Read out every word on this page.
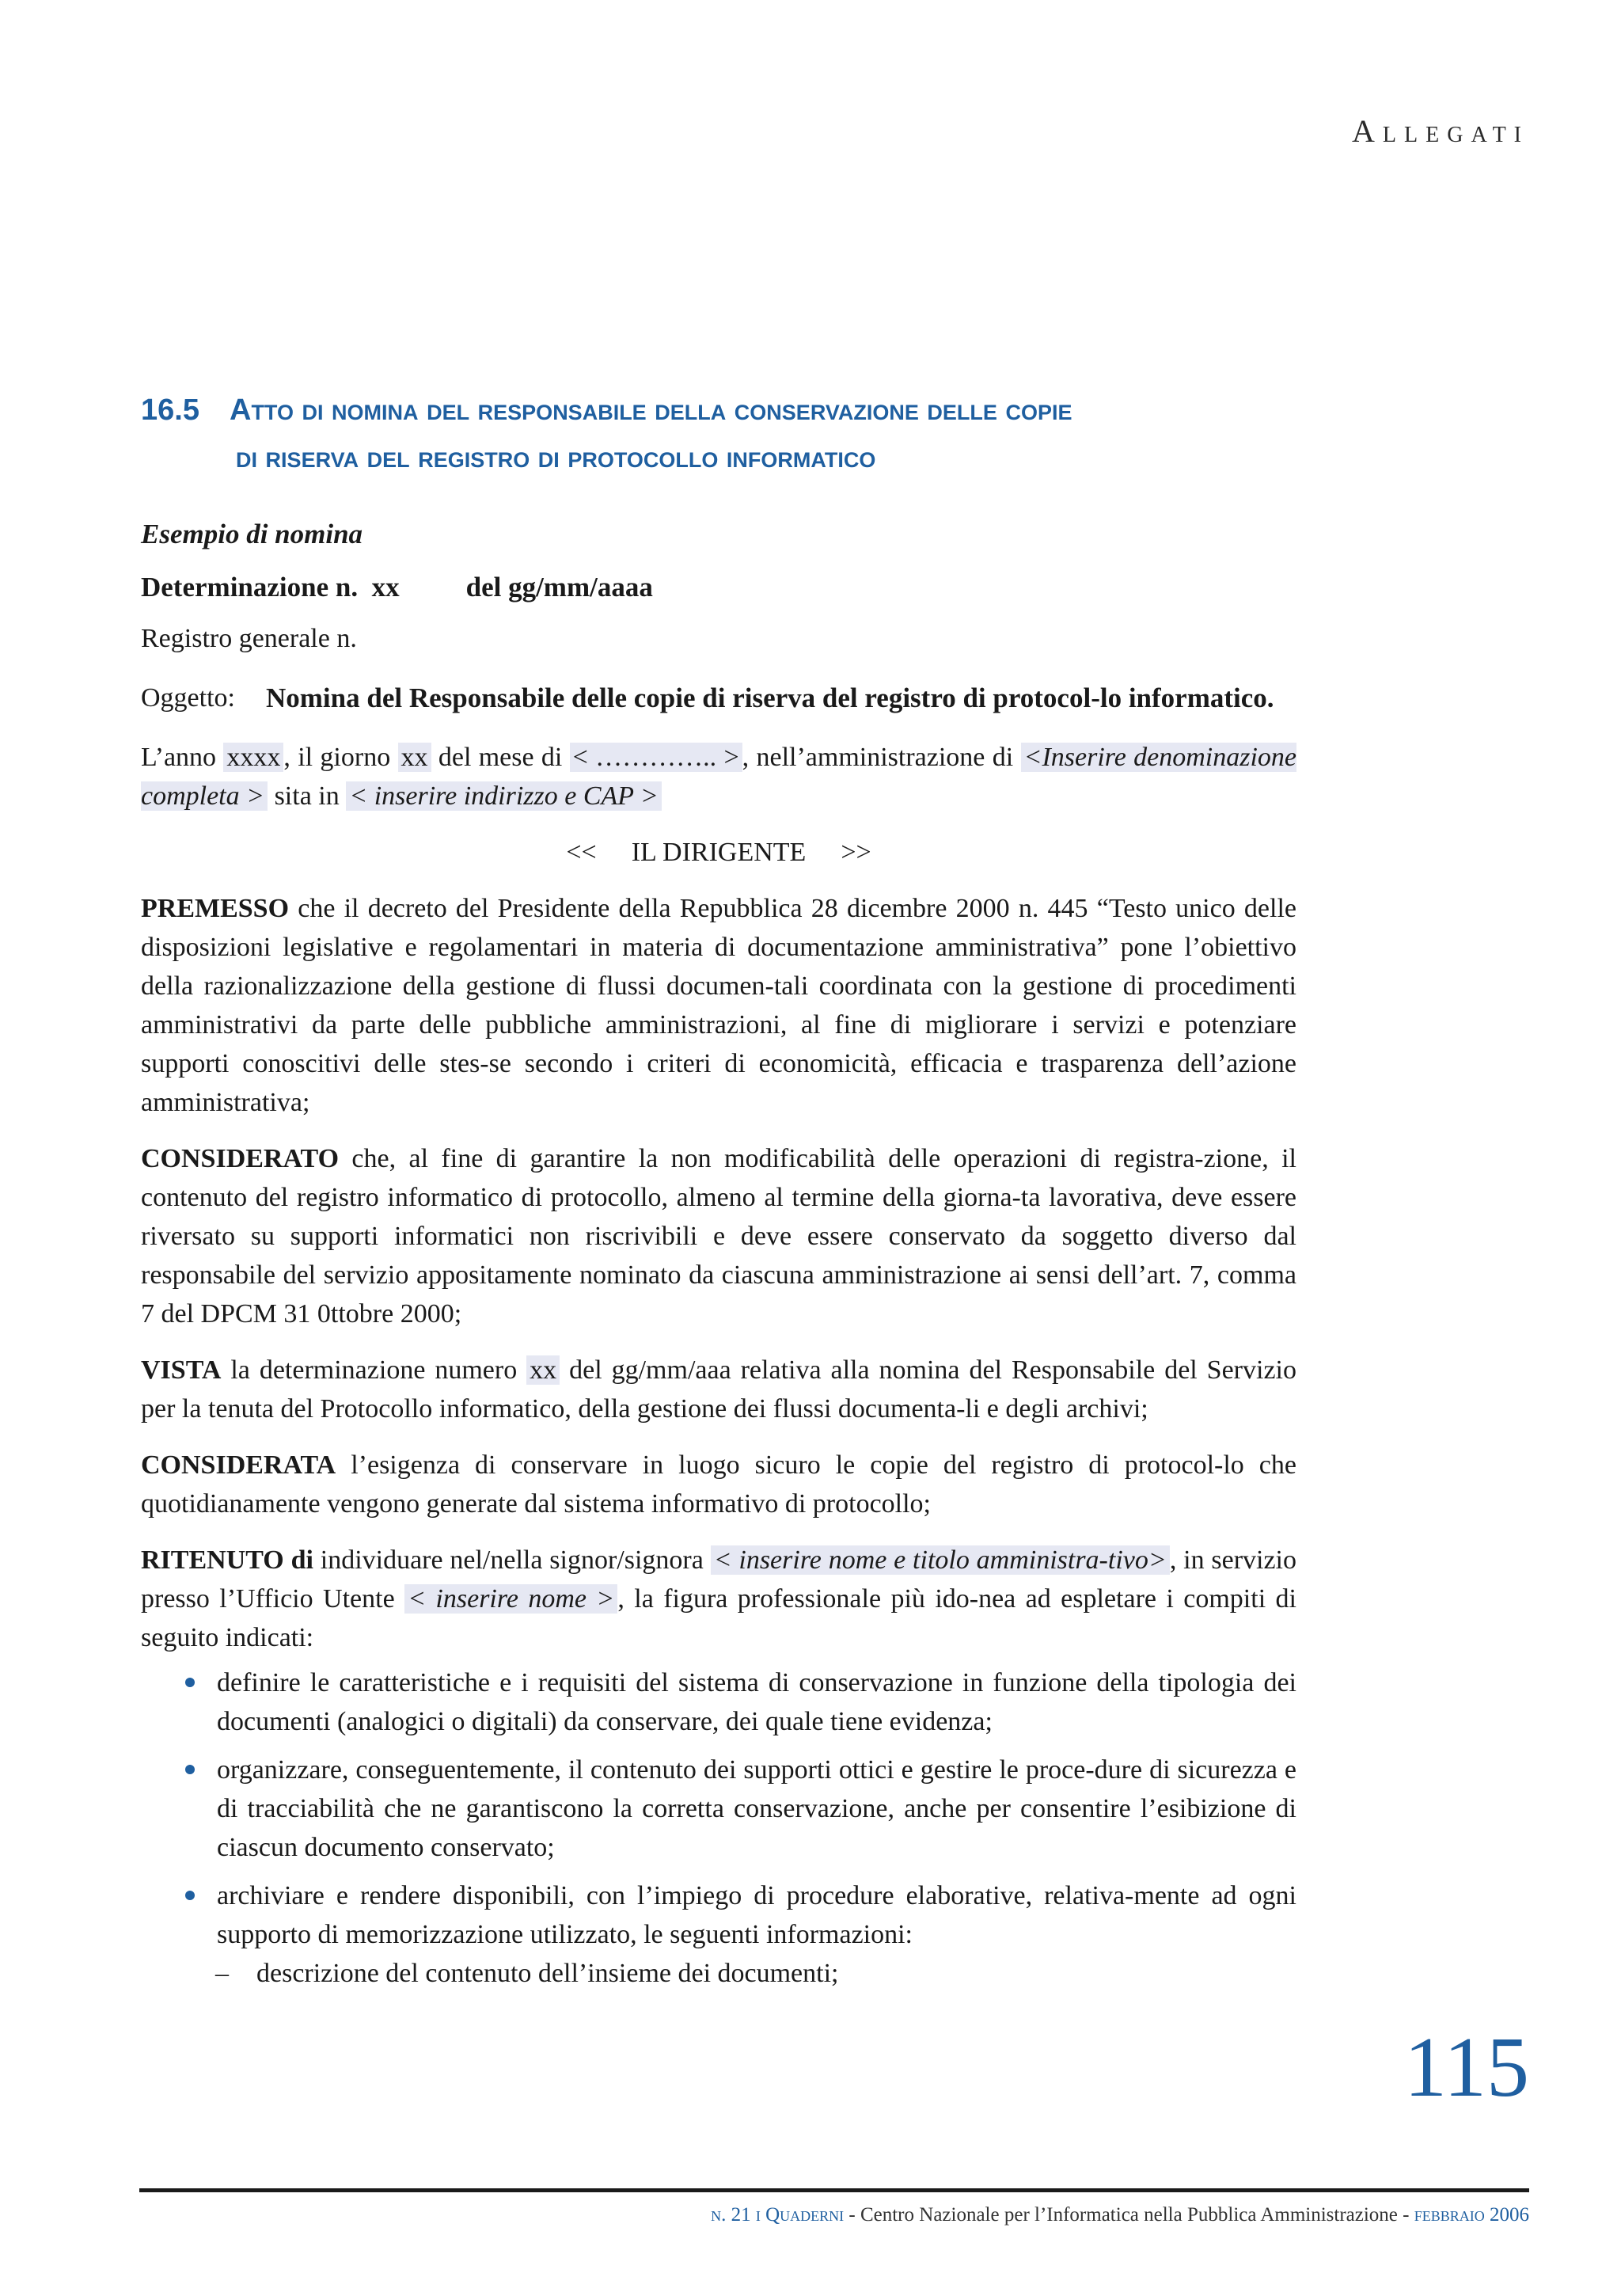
Allegati
16.5 Atto di nomina del responsabile della conservazione delle copie
di riserva del registro di protocollo informatico

Esempio di nomina

Determinazione n. xx del gg/mm/aaaa

Registro generale n.

Oggetto:	Nomina del Responsabile delle copie di riserva del registro di protocol-lo informatico.

L’anno xxxx , il giorno xx del mese di < ………….. > , nell’amministrazione di <Inserire denominazione completa > sita in < inserire indirizzo e CAP >

<< IL DIRIGENTE >>

PREMESSO che il decreto del Presidente della Repubblica 28 dicembre 2000 n. 445 “Testo unico delle disposizioni legislative e regolamentari in materia di documentazione amministrativa” pone l’obiettivo della razionalizzazione della gestione di flussi documen-tali coordinata con la gestione di procedimenti amministrativi da parte delle pubbliche amministrazioni, al fine di migliorare i servizi e potenziare supporti conoscitivi delle stes-se secondo i criteri di economicità, efficacia e trasparenza dell’azione amministrativa;

CONSIDERATO che, al fine di garantire la non modificabilità delle operazioni di registra-zione, il contenuto del registro informatico di protocollo, almeno al termine della giorna-ta lavorativa, deve essere riversato su supporti informatici non riscrivibili e deve essere conservato da soggetto diverso dal responsabile del servizio appositamente nominato da ciascuna amministrazione ai sensi dell’art. 7, comma 7 del DPCM 31 0ttobre 2000;

VISTA la determinazione numero xx del gg/mm/aaa relativa alla nomina del Responsabile del Servizio per la tenuta del Protocollo informatico, della gestione dei flussi documenta-li e degli archivi;

CONSIDERATA l’esigenza di conservare in luogo sicuro le copie del registro di protocol-lo che quotidianamente vengono generate dal sistema informativo di protocollo;

RITENUTO di individuare nel/nella signor/signora < inserire nome e titolo amministra-tivo> , in servizio presso l’Ufficio Utente < inserire nome > , la figura professionale più ido-nea ad espletare i compiti di seguito indicati:

definire le caratteristiche e i requisiti del sistema di conservazione in funzione della tipologia dei documenti (analogici o digitali) da conservare, dei quale tiene evidenza;
organizzare, conseguentemente, il contenuto dei supporti ottici e gestire le proce-dure di sicurezza e di tracciabilità che ne garantiscono la corretta conservazione, anche per consentire l’esibizione di ciascun documento conservato;
archiviare e rendere disponibili, con l’impiego di procedure elaborative, relativa-mente ad ogni supporto di memorizzazione utilizzato, le seguenti informazioni:
– descrizione del contenuto dell’insieme dei documenti;
115
n. 21 I Quaderni - Centro Nazionale per l’Informatica nella Pubblica Amministrazione - febbraio 2006
